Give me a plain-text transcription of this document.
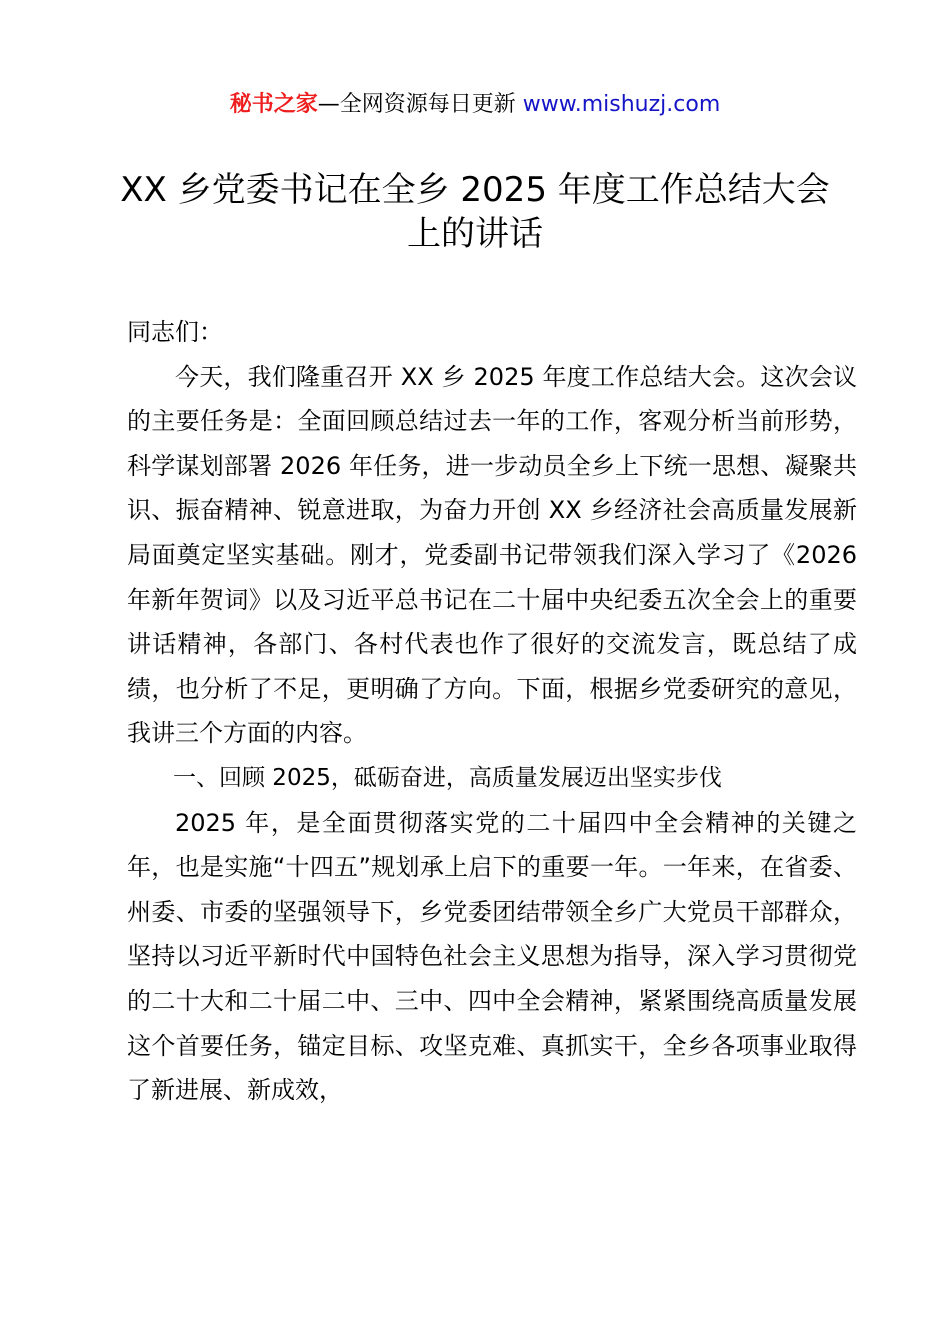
秘书之家—全网资源每日更新 www.mishuzj.com
XX 乡党委书记在全乡 2025 年度工作总结大会上的讲话

同志们：

今天，我们隆重召开 XX 乡 2025 年度工作总结大会。这次会议的主要任务是：全面回顾总结过去一年的工作，客观分析当前形势，科学谋划部署 2026 年任务，进一步动员全乡上下统一思想、凝聚共识、振奋精神、锐意进取，为奋力开创 XX 乡经济社会高质量发展新局面奠定坚实基础。刚才，党委副书记带领我们深入学习了《2026 年新年贺词》以及习近平总书记在二十届中央纪委五次全会上的重要讲话精神，各部门、各村代表也作了很好的交流发言，既总结了成绩，也分析了不足，更明确了方向。下面，根据乡党委研究的意见，我讲三个方面的内容。

一、回顾 2025，砥砺奋进，高质量发展迈出坚实步伐

2025 年，是全面贯彻落实党的二十届四中全会精神的关键之年，也是实施“十四五”规划承上启下的重要一年。一年来，在省委、州委、市委的坚强领导下，乡党委团结带领全乡广大党员干部群众，坚持以习近平新时代中国特色社会主义思想为指导，深入学习贯彻党的二十大和二十届二中、三中、四中全会精神，紧紧围绕高质量发展这个首要任务，锚定目标、攻坚克难、真抓实干，全乡各项事业取得了新进展、新成效，
